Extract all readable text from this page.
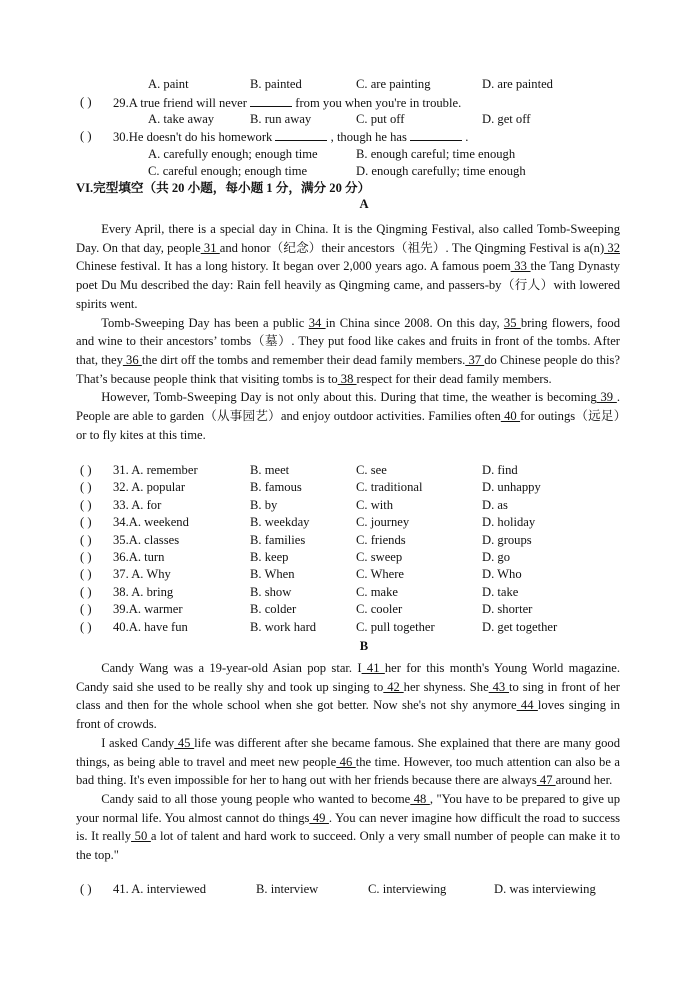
A. paint	B. painted	C. are painting	D. are painted
( ) 29.A true friend will never	from you when you're in trouble.
A. take away	B. run away	C. put off	D. get off
( ) 30.He doesn't do his homework	, though he has	.
A. carefully enough; enough time	B. enough careful; time enough
C. careful enough; enough time	D. enough carefully; time enough
VI.完型填空（共 20 小题，每小题 1 分，满分 20 分）
A

Every April, there is a special day in China. It is the Qingming Festival, also called Tomb-Sweeping Day. On that day, people 31 and honor（纪念）their ancestors（祖先）. The Qingming Festival is a(n) 32 Chinese festival. It has a long history. It began over 2,000 years ago. A famous poem 33 the Tang Dynasty poet Du Mu described the day: Rain fell heavily as Qingming came, and passers-by（行人）with lowered spirits went.

Tomb-Sweeping Day has been a public 34 in China since 2008. On this day, 35 bring flowers, food and wine to their ancestors’ tombs（墓）. They put food like cakes and fruits in front of the tombs. After that, they 36 the dirt off the tombs and remember their dead family members. 37 do Chinese people do this? That’s because people think that visiting tombs is to 38 respect for their dead family members.

However, Tomb-Sweeping Day is not only about this. During that time, the weather is becoming 39 . People are able to garden（从事园艺）and enjoy outdoor activities. Families often 40 for outings（远足）or to fly kites at this time.

( ) 31. A. remember	B. meet	C. see	D. find
( ) 32. A. popular	B. famous	C. traditional	D. unhappy
( ) 33. A. for	B. by	C. with	D. as
( ) 34.A. weekend	B. weekday	C. journey	D. holiday
( ) 35.A. classes	B. families	C. friends	D. groups
( ) 36.A. turn	B. keep	C. sweep	D. go
( ) 37. A. Why	B. When	C. Where	D. Who
( ) 38. A. bring	B. show	C. make	D. take
( ) 39.A. warmer	B. colder	C. cooler	D. shorter
( ) 40.A. have fun	B. work hard	C. pull together	D. get together
B

Candy Wang was a 19-year-old Asian pop star. I 41 her for this month's Young World magazine. Candy said she used to be really shy and took up singing to 42 her shyness. She 43 to sing in front of her class and then for the whole school when she got better. Now she's not shy anymore 44 loves singing in front of crowds.

I asked Candy 45 life was different after she became famous. She explained that there are many good things, as being able to travel and meet new people 46 the time. However, too much attention can also be a bad thing. It's even impossible for her to hang out with her friends because there are always 47 around her.

Candy said to all those young people who wanted to become 48 , "You have to be prepared to give up your normal life. You almost cannot do things 49 . You can never imagine how difficult the road to success is. It really 50 a lot of talent and hard work to succeed. Only a very small number of people can make it to the top."

( ) 41. A. interviewed	B. interview	C. interviewing	D. was interviewing
